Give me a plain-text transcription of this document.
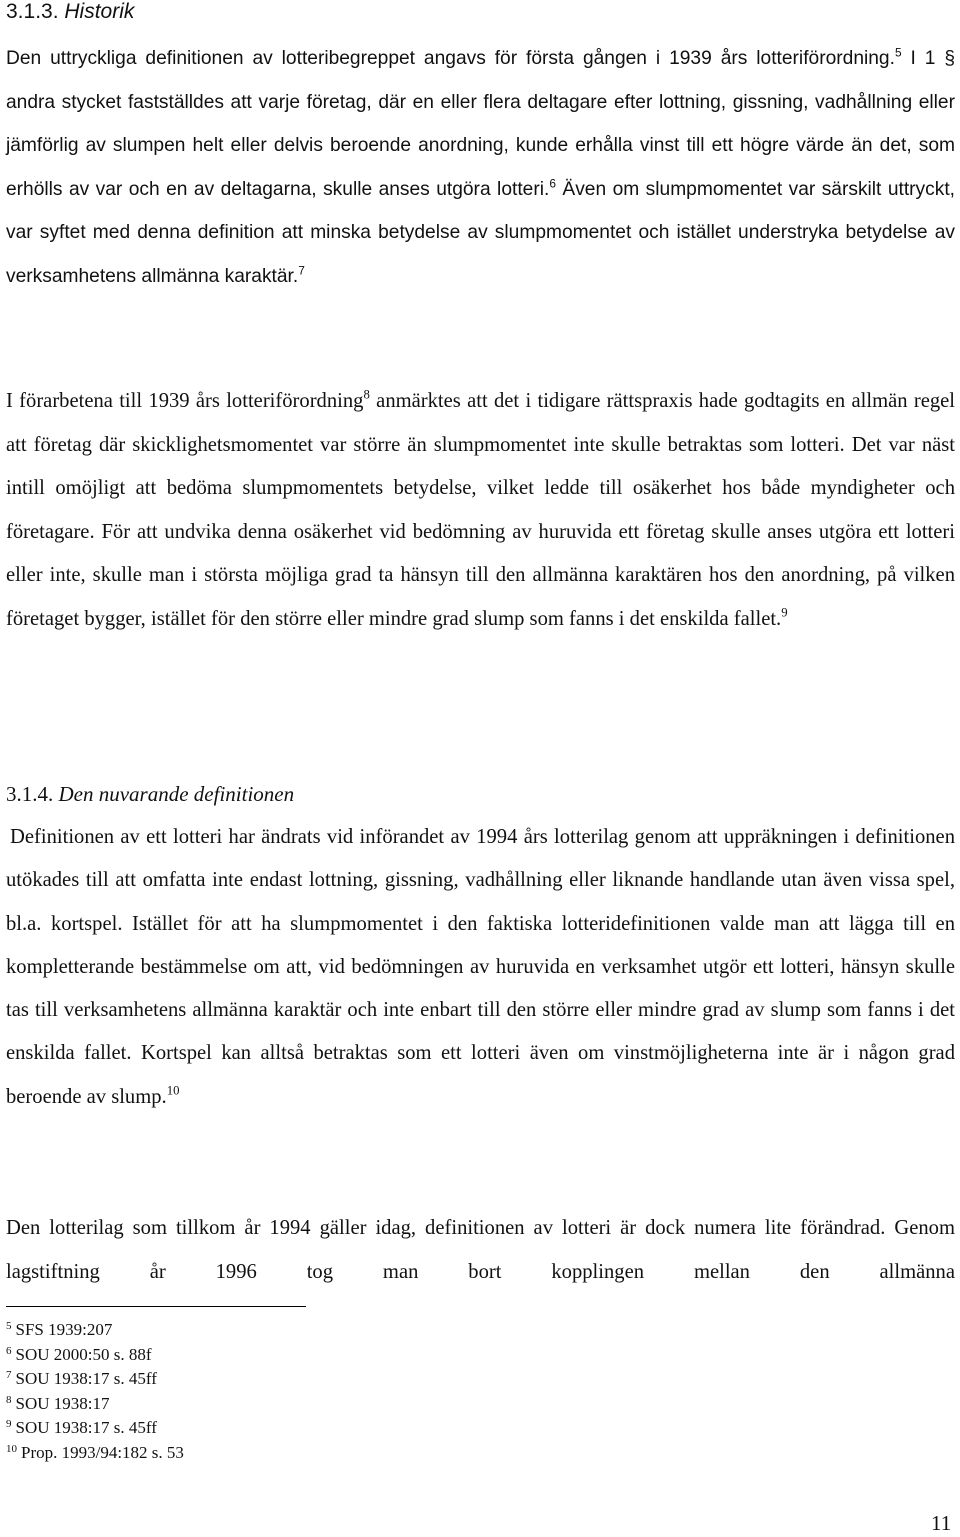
3.1.3. Historik

Den uttryckliga definitionen av lotteribegreppet angavs för första gången i 1939 års lotteriförordning.$^5$ I 1 § andra stycket fastställdes att varje företag, där en eller flera deltagare efter lottning, gissning, vadhållning eller jämförlig av slumpen helt eller delvis beroende anordning, kunde erhålla vinst till ett högre värde än det, som erhölls av var och en av deltagarna, skulle anses utgöra lotteri.$^6$ Även om slumpmomentet var särskilt uttryckt, var syftet med denna definition att minska betydelse av slumpmomentet och istället understryka betydelse av verksamhetens allmänna karaktär.$^7$

I förarbetena till 1939 års lotteriförordning$^8$ anmärktes att det i tidigare rättspraxis hade godtagits en allmän regel att företag där skicklighetsmomentet var större än slumpmomentet inte skulle betraktas som lotteri. Det var näst intill omöjligt att bedöma slumpmomentets betydelse, vilket ledde till osäkerhet hos både myndigheter och företagare. För att undvika denna osäkerhet vid bedömning av huruvida ett företag skulle anses utgöra ett lotteri eller inte, skulle man i största möjliga grad ta hänsyn till den allmänna karaktären hos den anordning, på vilken företaget bygger, istället för den större eller mindre grad slump som fanns i det enskilda fallet.$^9$

3.1.4. Den nuvarande definitionen

Definitionen av ett lotteri har ändrats vid införandet av 1994 års lotterilag genom att uppräkningen i definitionen utökades till att omfatta inte endast lottning, gissning, vadhållning eller liknande handlande utan även vissa spel, bl.a. kortspel. Istället för att ha slumpmomentet i den faktiska lotteridefinitionen valde man att lägga till en kompletterande bestämmelse om att, vid bedömningen av huruvida en verksamhet utgör ett lotteri, hänsyn skulle tas till verksamhetens allmänna karaktär och inte enbart till den större eller mindre grad av slump som fanns i det enskilda fallet. Kortspel kan alltså betraktas som ett lotteri även om vinstmöjligheterna inte är i någon grad beroende av slump.$^{10}$

Den lotterilag som tillkom år 1994 gäller idag, definitionen av lotteri är dock numera lite förändrad. Genom lagstiftning år 1996 tog man bort kopplingen mellan den allmänna

$^5$ SFS 1939:207
$^6$ SOU 2000:50 s. 88f
$^7$ SOU 1938:17 s. 45ff
$^8$ SOU 1938:17
$^9$ SOU 1938:17 s. 45ff
$^{10}$ Prop. 1993/94:182 s. 53
11
